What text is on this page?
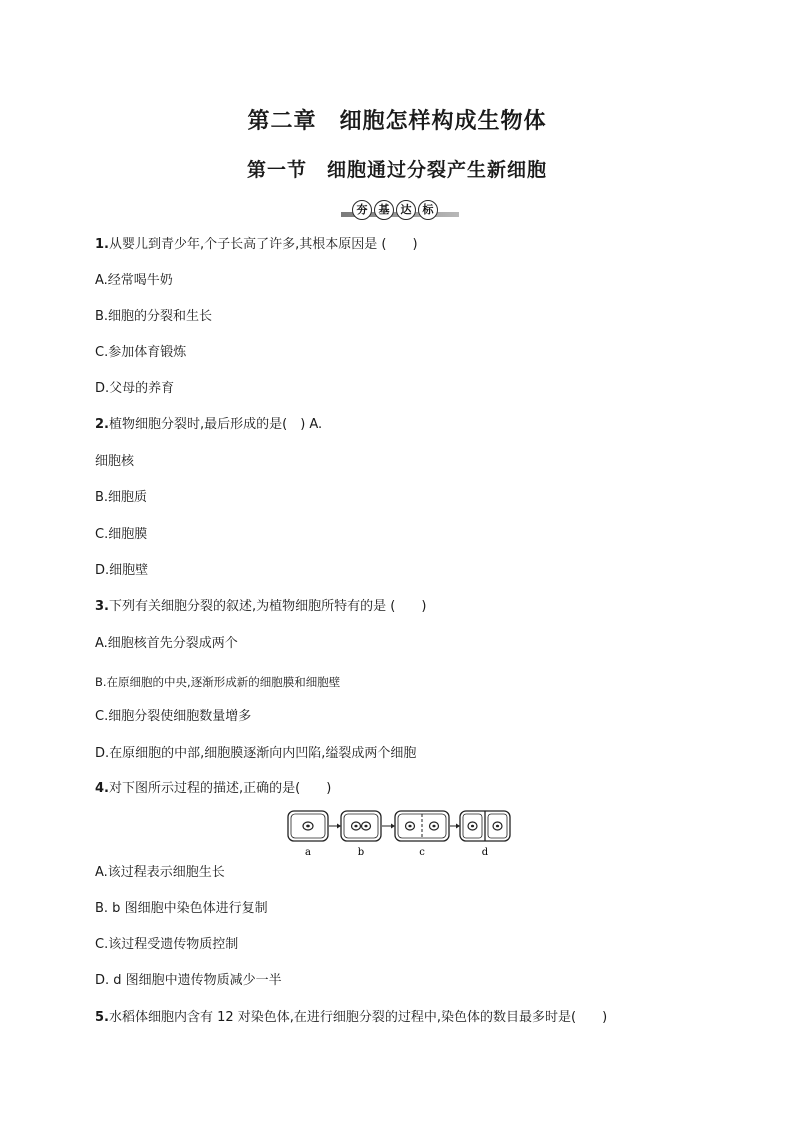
第二章　细胞怎样构成生物体
第一节　细胞通过分裂产生新细胞
夯	基	达	标
1.从婴儿到青少年,个子长高了许多,其根本原因是 (　　)
A.经常喝牛奶
B.细胞的分裂和生长
C.参加体育锻炼
D.父母的养育
2.植物细胞分裂时,最后形成的是(　) A.
细胞核
B.细胞质
C.细胞膜
D.细胞壁
3.下列有关细胞分裂的叙述,为植物细胞所特有的是 (　　)
A.细胞核首先分裂成两个
B.在原细胞的中央,逐渐形成新的细胞膜和细胞壁
C.细胞分裂使细胞数量增多
D.在原细胞的中部,细胞膜逐渐向内凹陷,缢裂成两个细胞
4.对下图所示过程的描述,正确的是(　　)
a	b	c	d
A.该过程表示细胞生长
B. b 图细胞中染色体进行复制
C.该过程受遗传物质控制
D. d 图细胞中遗传物质减少一半
5.水稻体细胞内含有 12 对染色体,在进行细胞分裂的过程中,染色体的数目最多时是(　　)
